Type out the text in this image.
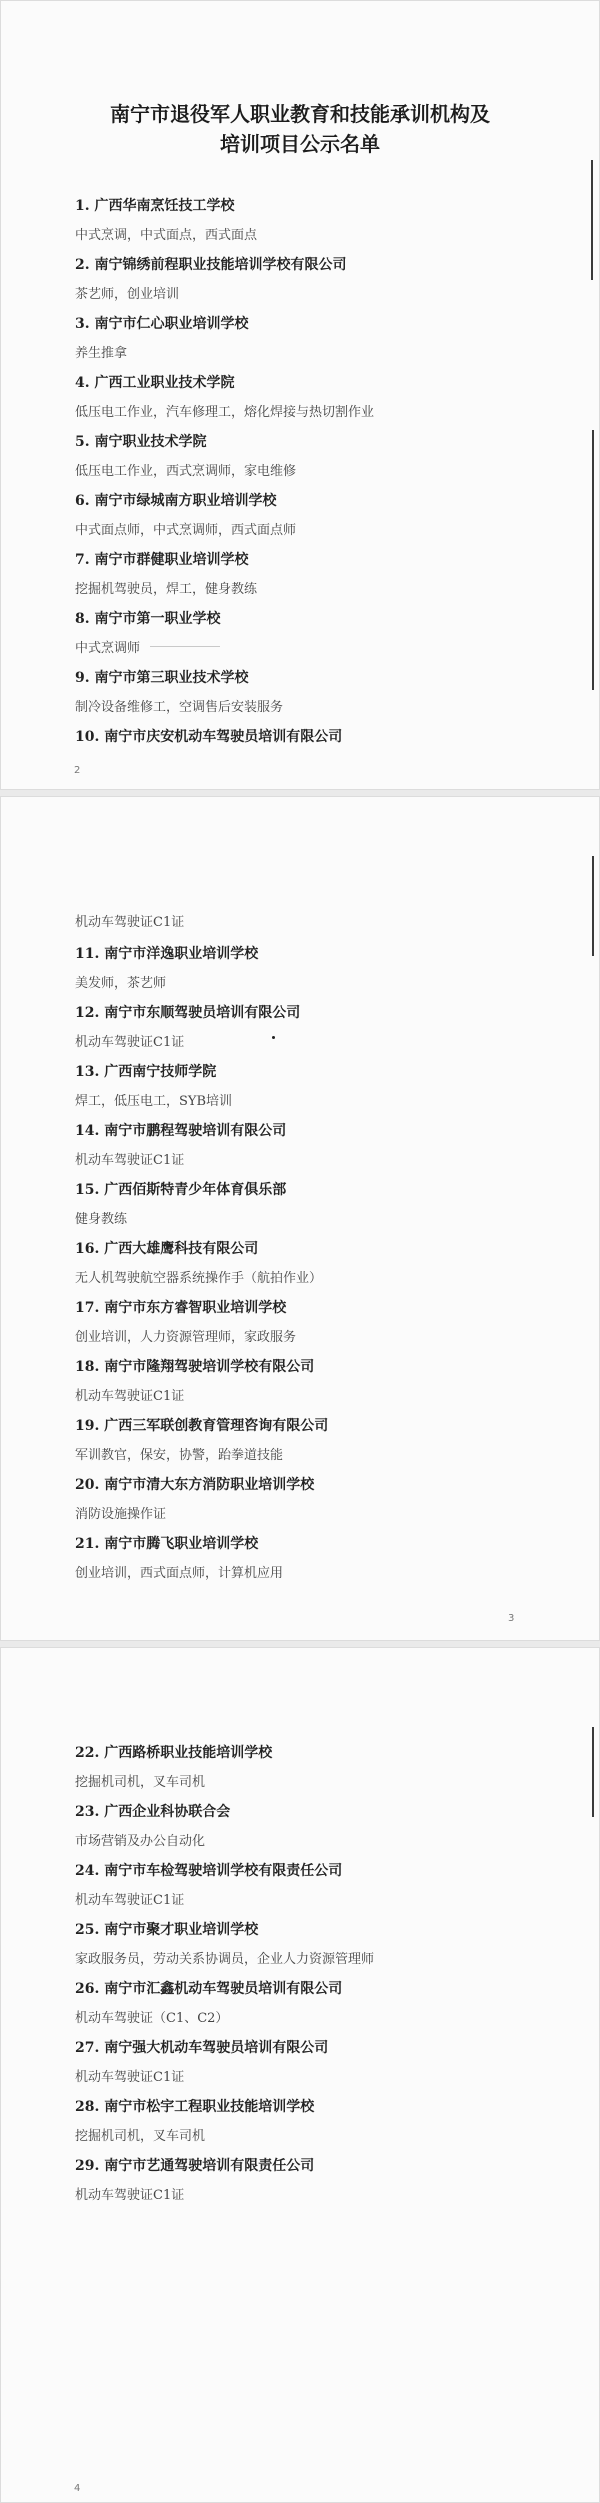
南宁市退役军人职业教育和技能承训机构及
培训项目公示名单
1. 广西华南烹饪技工学校
中式烹调，中式面点，西式面点
2. 南宁锦绣前程职业技能培训学校有限公司
茶艺师，创业培训
3. 南宁市仁心职业培训学校
养生推拿
4. 广西工业职业技术学院
低压电工作业，汽车修理工，熔化焊接与热切割作业
5. 南宁职业技术学院
低压电工作业，西式烹调师，家电维修
6. 南宁市绿城南方职业培训学校
中式面点师，中式烹调师，西式面点师
7. 南宁市群健职业培训学校
挖掘机驾驶员，焊工，健身教练
8. 南宁市第一职业学校
中式烹调师
9. 南宁市第三职业技术学校
制冷设备维修工，空调售后安装服务
10. 南宁市庆安机动车驾驶员培训有限公司
2
机动车驾驶证C1证
11. 南宁市洋逸职业培训学校
美发师，茶艺师
12. 南宁市东顺驾驶员培训有限公司
机动车驾驶证C1证
13. 广西南宁技师学院
焊工，低压电工，SYB培训
14. 南宁市鹏程驾驶培训有限公司
机动车驾驶证C1证
15. 广西佰斯特青少年体育俱乐部
健身教练
16. 广西大雄鹰科技有限公司
无人机驾驶航空器系统操作手（航拍作业）
17. 南宁市东方睿智职业培训学校
创业培训，人力资源管理师，家政服务
18. 南宁市隆翔驾驶培训学校有限公司
机动车驾驶证C1证
19. 广西三军联创教育管理咨询有限公司
军训教官，保安，协警，跆拳道技能
20. 南宁市清大东方消防职业培训学校
消防设施操作证
21. 南宁市腾飞职业培训学校
创业培训，西式面点师，计算机应用
3
22. 广西路桥职业技能培训学校
挖掘机司机，叉车司机
23. 广西企业科协联合会
市场营销及办公自动化
24. 南宁市车检驾驶培训学校有限责任公司
机动车驾驶证C1证
25. 南宁市聚才职业培训学校
家政服务员，劳动关系协调员，企业人力资源管理师
26. 南宁市汇鑫机动车驾驶员培训有限公司
机动车驾驶证（C1、C2）
27. 南宁强大机动车驾驶员培训有限公司
机动车驾驶证C1证
28. 南宁市松宇工程职业技能培训学校
挖掘机司机，叉车司机
29. 南宁市艺通驾驶培训有限责任公司
机动车驾驶证C1证
4
